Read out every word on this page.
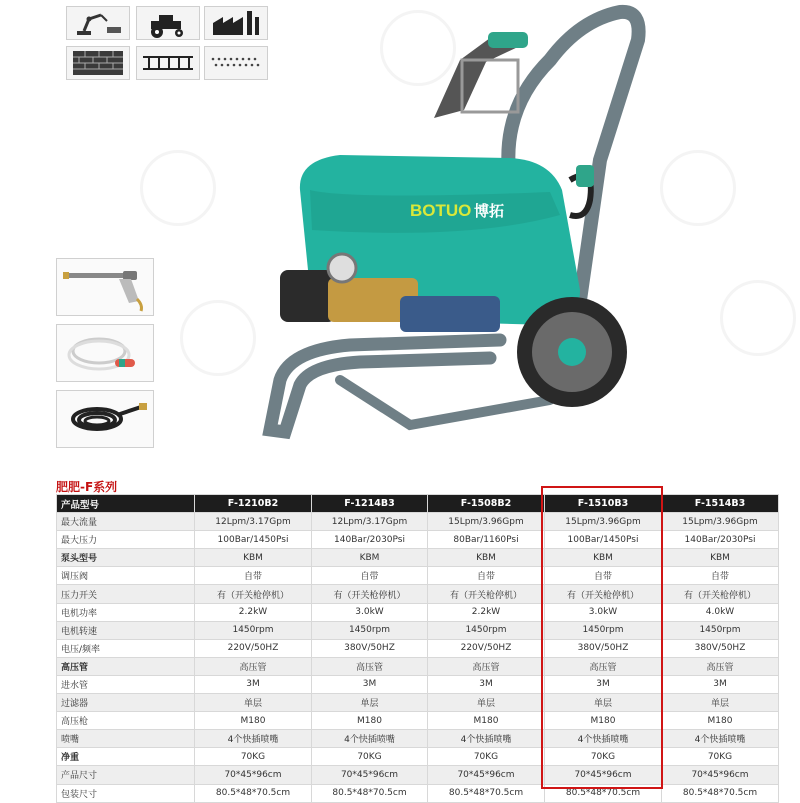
BOTUO 博拓
肥肥-F系列
产品型号	F-1210B2	F-1214B3	F-1508B2	F-1510B3	F-1514B3
最大流量	12Lpm/3.17Gpm	12Lpm/3.17Gpm	15Lpm/3.96Gpm	15Lpm/3.96Gpm	15Lpm/3.96Gpm
最大压力	100Bar/1450Psi	140Bar/2030Psi	80Bar/1160Psi	100Bar/1450Psi	140Bar/2030Psi
泵头型号	KBM	KBM	KBM	KBM	KBM
调压阀	自带	自带	自带	自带	自带
压力开关	有（开关枪停机）	有（开关枪停机）	有（开关枪停机）	有（开关枪停机）	有（开关枪停机）
电机功率	2.2kW	3.0kW	2.2kW	3.0kW	4.0kW
电机转速	1450rpm	1450rpm	1450rpm	1450rpm	1450rpm
电压/频率	220V/50HZ	380V/50HZ	220V/50HZ	380V/50HZ	380V/50HZ
高压管	高压管	高压管	高压管	高压管	高压管
进水管	3M	3M	3M	3M	3M
过滤器	单层	单层	单层	单层	单层
高压枪	M180	M180	M180	M180	M180
喷嘴	4个快插喷嘴	4个快插喷嘴	4个快插喷嘴	4个快插喷嘴	4个快插喷嘴
净重	70KG	70KG	70KG	70KG	70KG
产品尺寸	70*45*96cm	70*45*96cm	70*45*96cm	70*45*96cm	70*45*96cm
包装尺寸	80.5*48*70.5cm	80.5*48*70.5cm	80.5*48*70.5cm	80.5*48*70.5cm	80.5*48*70.5cm
